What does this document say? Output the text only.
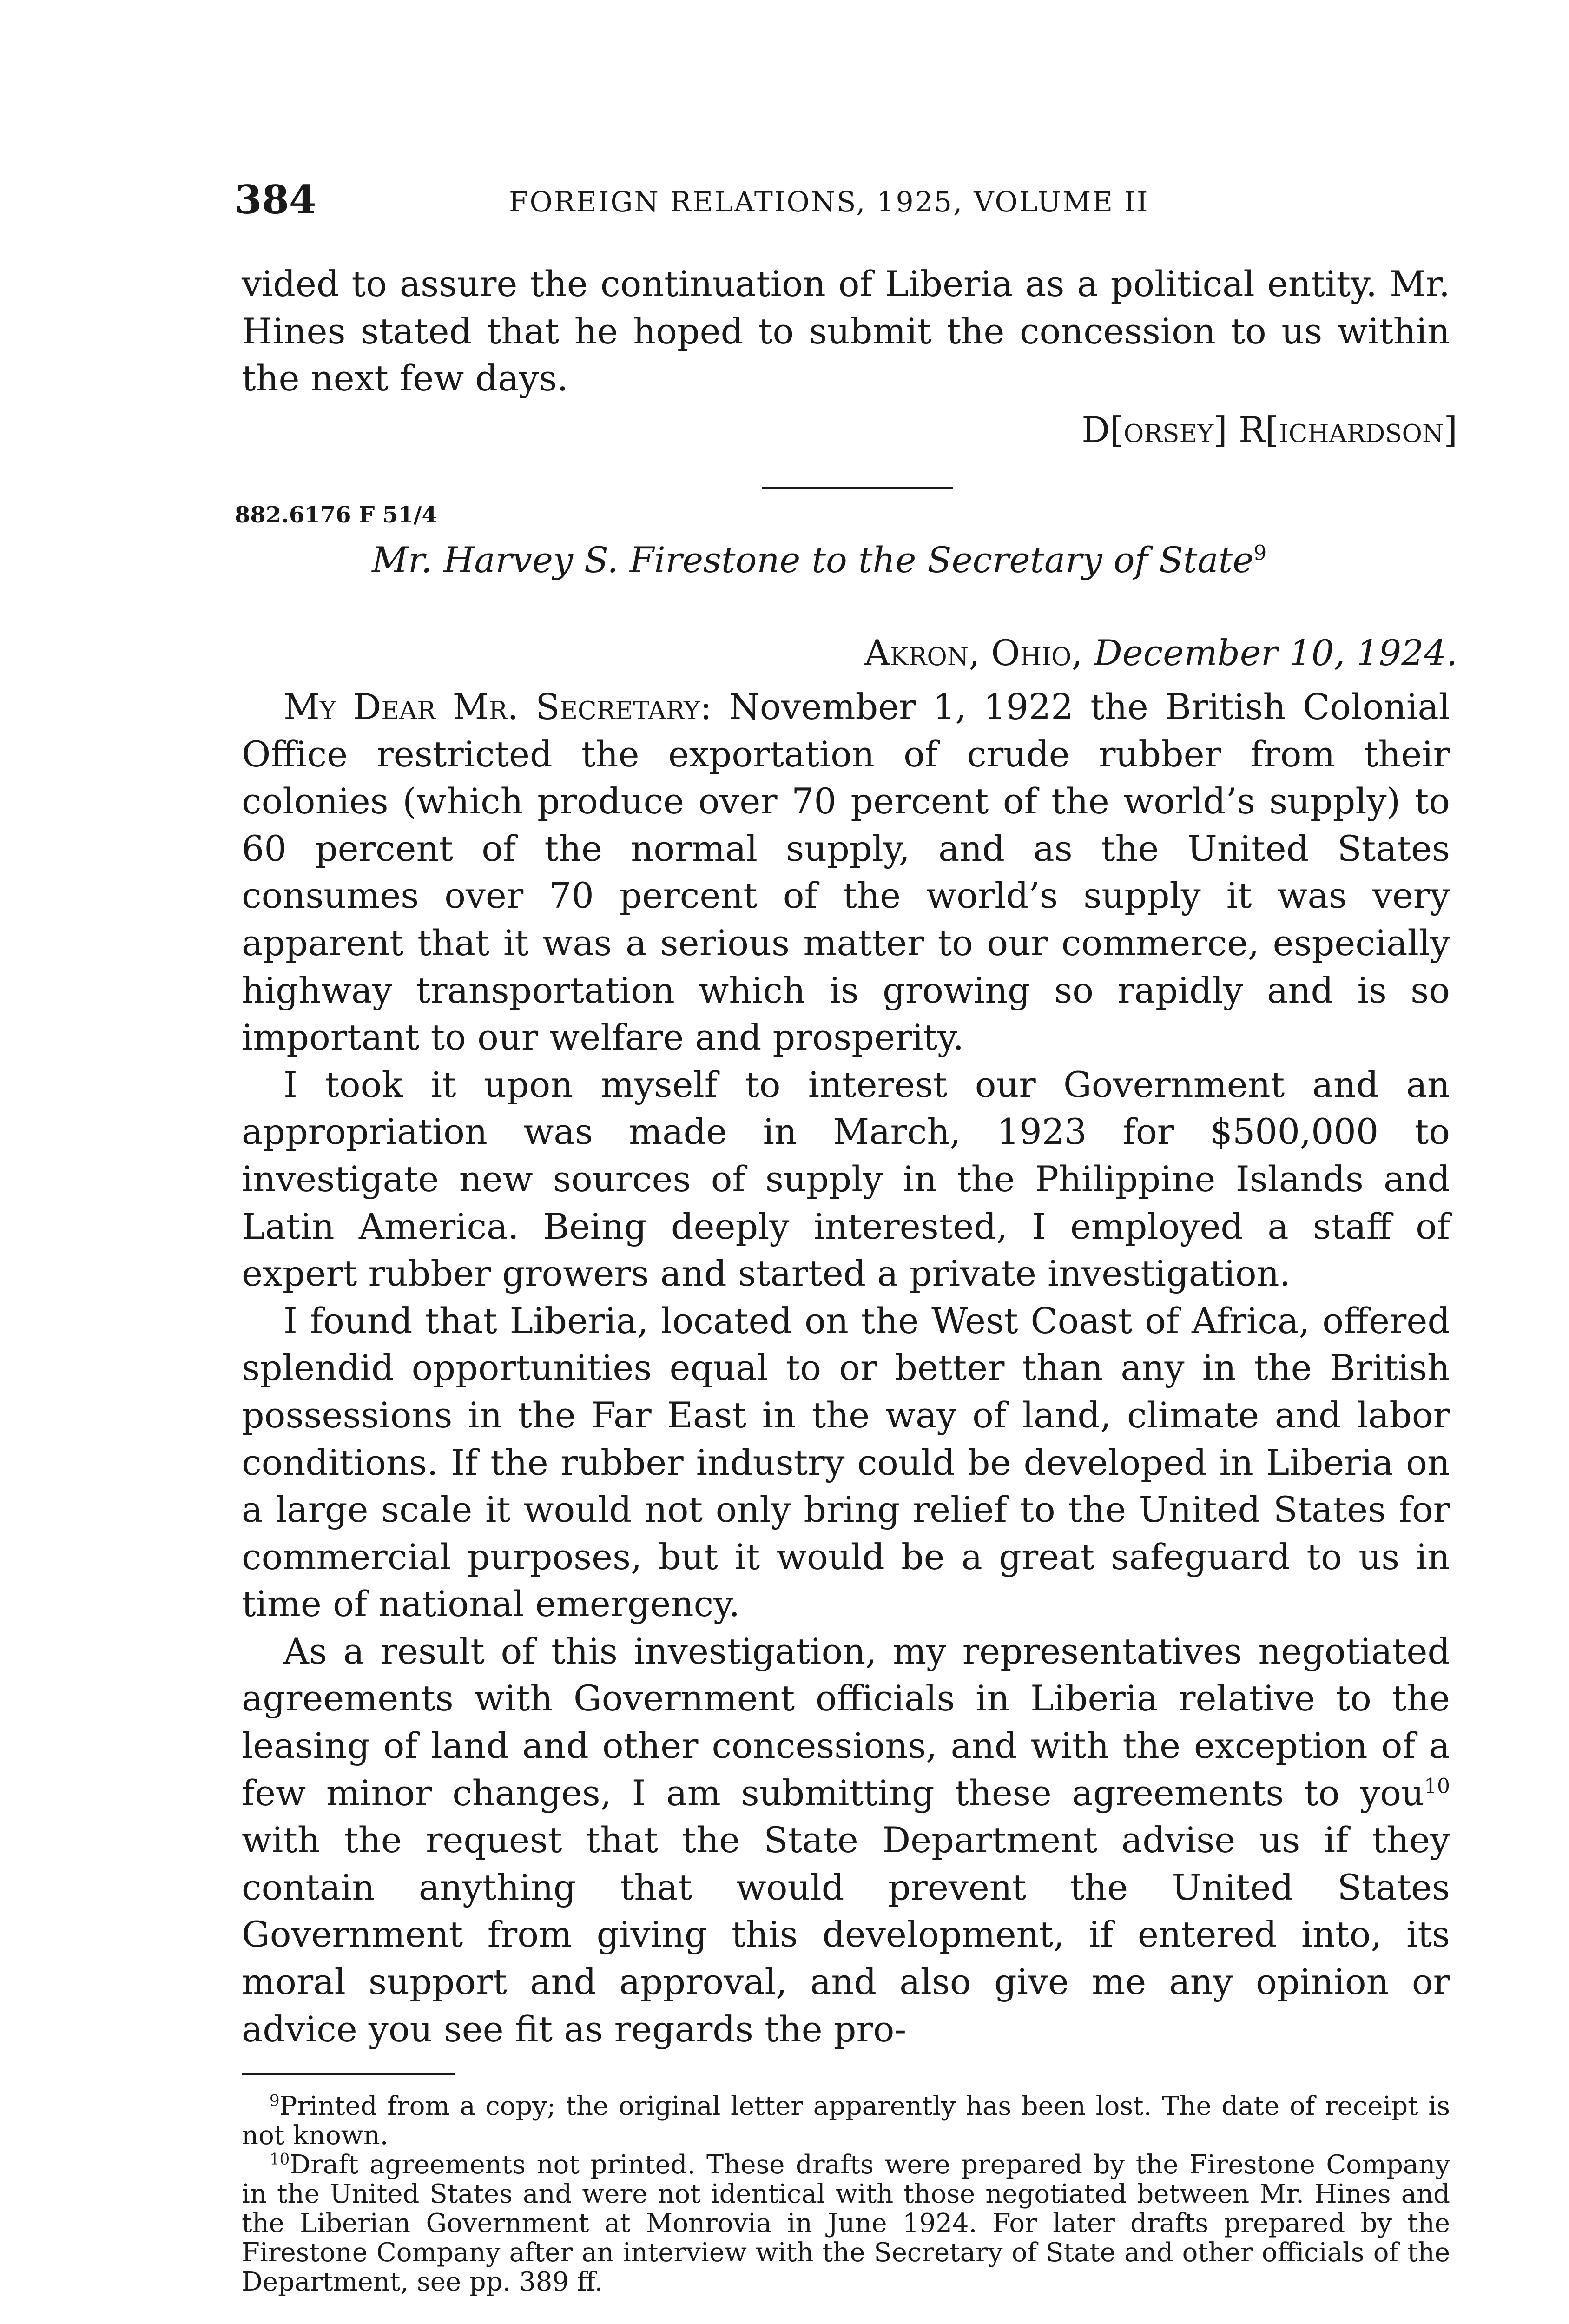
384	FOREIGN RELATIONS, 1925, VOLUME II

vided to assure the continuation of Liberia as a political entity. Mr. Hines stated that he hoped to submit the concession to us within the next few days.

D[orsey] R[ichardson]
882.6176 F 51/4
Mr. Harvey S. Firestone to the Secretary of State$^9$
Akron, Ohio, December 10, 1924.

My Dear Mr. Secretary: November 1, 1922 the British Colonial Office restricted the exportation of crude rubber from their colonies (which produce over 70 percent of the world’s supply) to 60 percent of the normal supply, and as the United States consumes over 70 percent of the world’s supply it was very apparent that it was a serious matter to our commerce, especially highway transportation which is growing so rapidly and is so important to our welfare and prosperity.

I took it upon myself to interest our Government and an appropriation was made in March, 1923 for $500,000 to investigate new sources of supply in the Philippine Islands and Latin America. Being deeply interested, I employed a staff of expert rubber growers and started a private investigation.

I found that Liberia, located on the West Coast of Africa, offered splendid opportunities equal to or better than any in the British possessions in the Far East in the way of land, climate and labor conditions. If the rubber industry could be developed in Liberia on a large scale it would not only bring relief to the United States for commercial purposes, but it would be a great safeguard to us in time of national emergency.

As a result of this investigation, my representatives negotiated agreements with Government officials in Liberia relative to the leasing of land and other concessions, and with the exception of a few minor changes, I am submitting these agreements to you$^{10}$ with the request that the State Department advise us if they contain anything that would prevent the United States Government from giving this development, if entered into, its moral support and approval, and also give me any opinion or advice you see fit as regards the pro-

$^9$Printed from a copy; the original letter apparently has been lost. The date of receipt is not known.

$^{10}$Draft agreements not printed. These drafts were prepared by the Firestone Company in the United States and were not identical with those negotiated between Mr. Hines and the Liberian Government at Monrovia in June 1924. For later drafts prepared by the Firestone Company after an interview with the Secretary of State and other officials of the Department, see pp. 389 ff.
